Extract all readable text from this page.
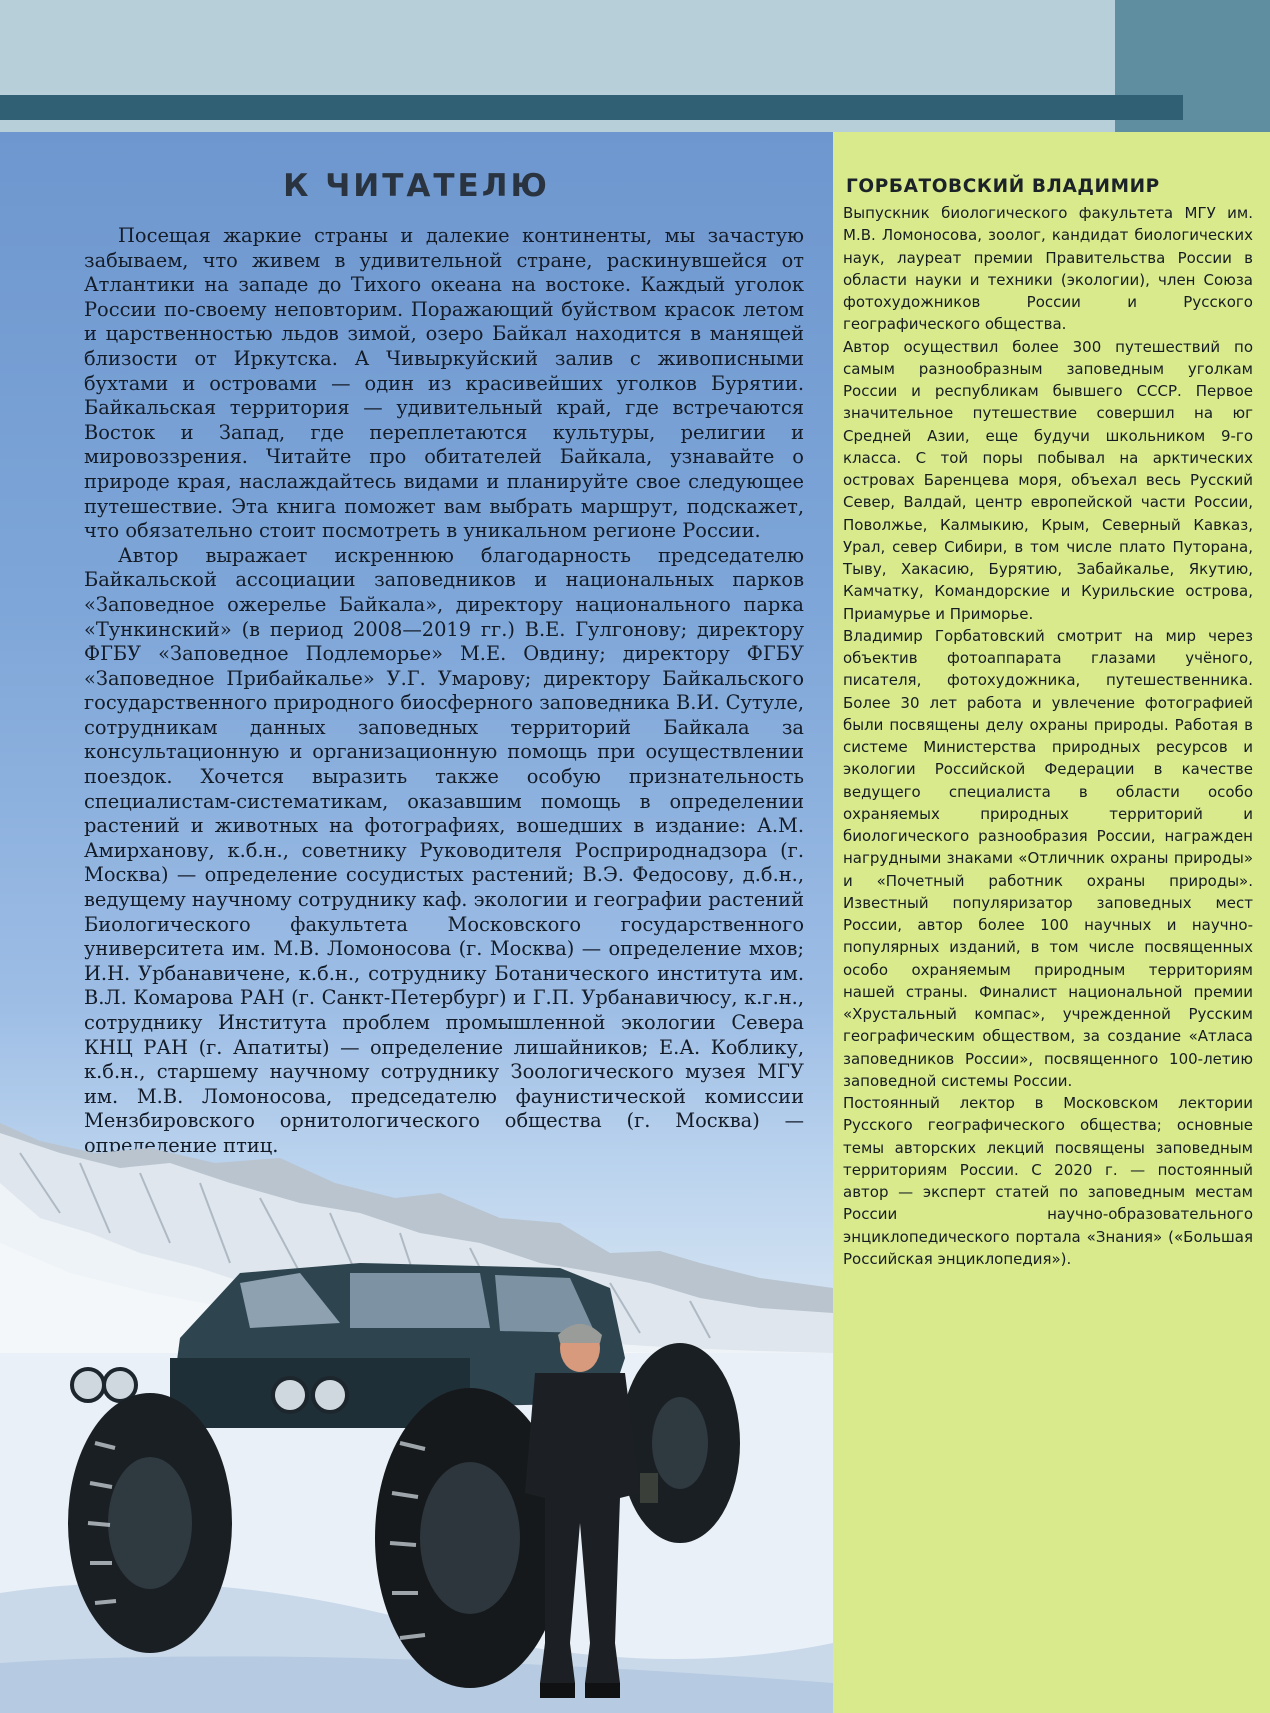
К ЧИТАТЕЛЮ

Посещая жаркие страны и далекие континенты, мы зачастую забываем, что живем в удивительной стране, раскинувшейся от Атлантики на западе до Тихого океана на востоке. Каждый уголок России по-своему неповторим. Поражающий буйством красок летом и царственностью льдов зимой, озеро Байкал находится в манящей близости от Иркутска. А Чивыркуйский залив с живописными бухтами и островами — один из красивейших уголков Бурятии. Байкальская территория — удивительный край, где встречаются Восток и Запад, где переплетаются культуры, религии и мировоззрения. Читайте про обитателей Байкала, узнавайте о природе края, наслаждайтесь видами и планируйте свое следующее путешествие. Эта книга поможет вам выбрать маршрут, подскажет, что обязательно стоит посмотреть в уникальном регионе России.

Автор выражает искреннюю благодарность председателю Байкальской ассоциации заповедников и национальных парков «Заповедное ожерелье Байкала», директору национального парка «Тункинский» (в период 2008—2019 гг.) В.Е. Гулгонову; директору ФГБУ «Заповедное Подлеморье» М.Е. Овдину; директору ФГБУ «Заповедное Прибайкалье» У.Г. Умарову; директору Байкальского государственного природного биосферного заповедника В.И. Сутуле, сотрудникам данных заповедных территорий Байкала за консультационную и организационную помощь при осуществлении поездок. Хочется выразить также особую признательность специалистам-систематикам, оказавшим помощь в определении растений и животных на фотографиях, вошедших в издание: А.М. Амирханову, к.б.н., советнику Руководителя Росприроднадзора (г. Москва) — определение сосудистых растений; В.Э. Федосову, д.б.н., ведущему научному сотруднику каф. экологии и географии растений Биологического факультета Московского государственного университета им. М.В. Ломоносова (г. Москва) — определение мхов; И.Н. Урбанавичене, к.б.н., сотруднику Ботанического института им. В.Л. Комарова РАН (г. Санкт-Петербург) и Г.П. Урбанавичюсу, к.г.н., сотруднику Института проблем промышленной экологии Севера КНЦ РАН (г. Апатиты) — определение лишайников; Е.А. Коблику, к.б.н., старшему научному сотруднику Зоологического музея МГУ им. М.В. Ломоносова, председателю фаунистической комиссии Мензбировского орнитологического общества (г. Москва) — определение птиц.

ГОРБАТОВСКИЙ ВЛАДИМИР

Выпускник биологического факультета МГУ им. М.В. Ломоносова, зоолог, кандидат биологических наук, лауреат премии Правительства России в области науки и техники (экологии), член Союза фотохудожников России и Русского географического общества.

Автор осуществил более 300 путешествий по самым разнообразным заповедным уголкам России и республикам бывшего СССР. Первое значительное путешествие совершил на юг Средней Азии, еще будучи школьником 9-го класса. С той поры побывал на арктических островах Баренцева моря, объехал весь Русский Север, Валдай, центр европейской части России, Поволжье, Калмыкию, Крым, Северный Кавказ, Урал, север Сибири, в том числе плато Путорана, Тыву, Хакасию, Бурятию, Забайкалье, Якутию, Камчатку, Командорские и Курильские острова, Приамурье и Приморье.

Владимир Горбатовский смотрит на мир через объектив фотоаппарата глазами учёного, писателя, фотохудожника, путешественника. Более 30 лет работа и увлечение фотографией были посвящены делу охраны природы. Работая в системе Министерства природных ресурсов и экологии Российской Федерации в качестве ведущего специалиста в области особо охраняемых природных территорий и биологического разнообразия России, награжден нагрудными знаками «Отличник охраны природы» и «Почетный работник охраны природы». Известный популяризатор заповедных мест России, автор более 100 научных и научно-популярных изданий, в том числе посвященных особо охраняемым природным территориям нашей страны. Финалист национальной премии «Хрустальный компас», учрежденной Русским географическим обществом, за создание «Атласа заповедников России», посвященного 100-летию заповедной системы России.

Постоянный лектор в Московском лектории Русского географического общества; основные темы авторских лекций посвящены заповедным территориям России. С 2020 г. — постоянный автор — эксперт статей по заповедным местам России научно-образовательного энциклопедического портала «Знания» («Большая Российская энциклопедия»).
